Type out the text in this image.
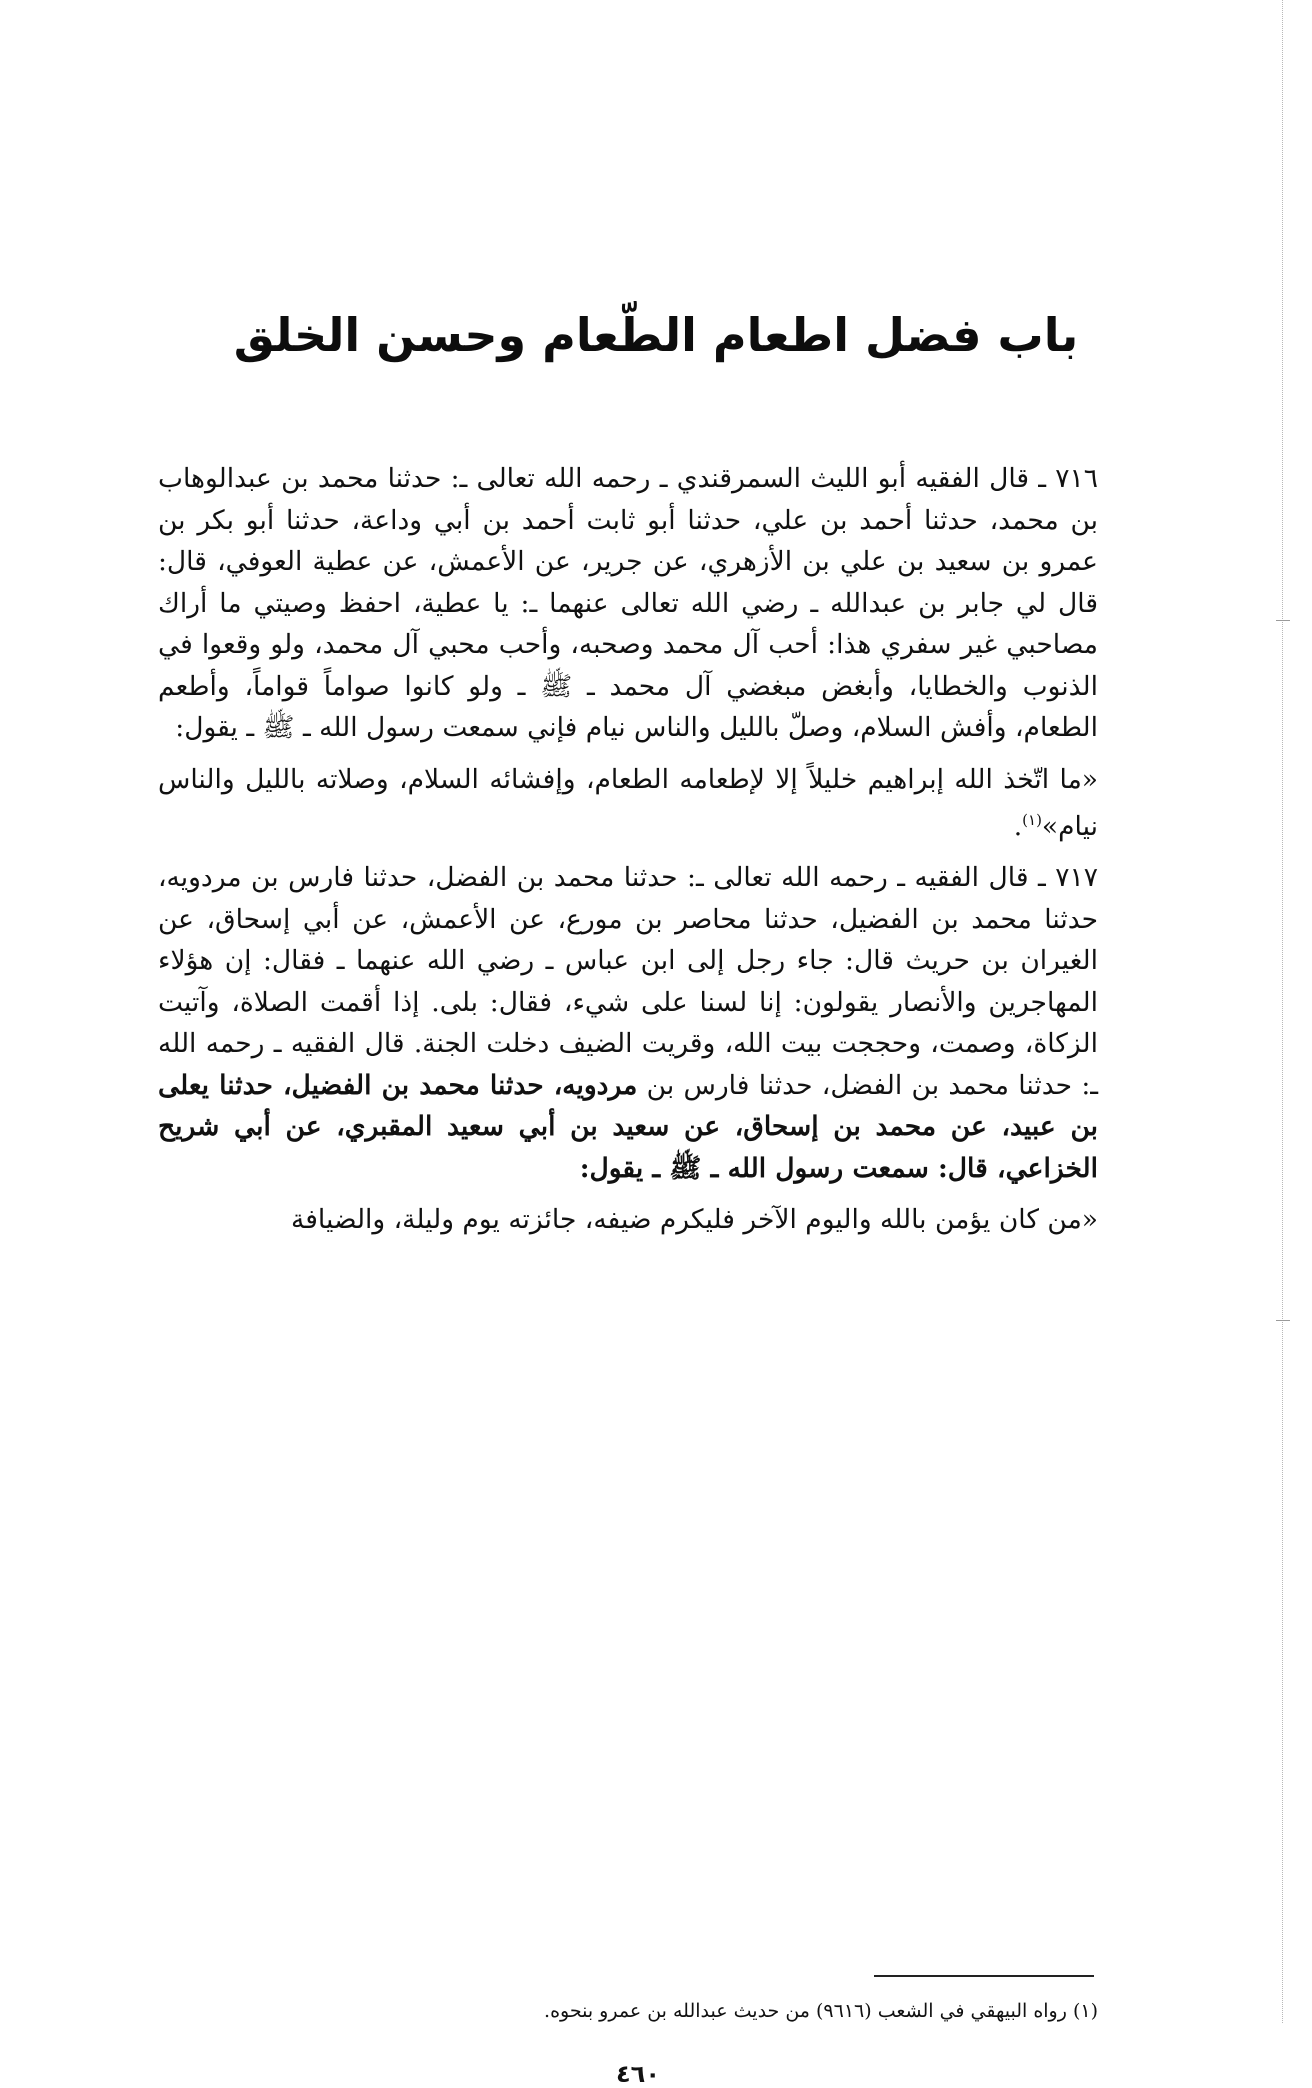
باب فضل اطعام الطّعام وحسن الخلق

٧١٦ ـ قال الفقيه أبو الليث السمرقندي ـ رحمه الله تعالى ـ: حدثنا محمد بن عبدالوهاب بن محمد، حدثنا أحمد بن علي، حدثنا أبو ثابت أحمد بن أبي وداعة، حدثنا أبو بكر بن عمرو بن سعيد بن علي بن الأزهري، عن جرير، عن الأعمش، عن عطية العوفي، قال: قال لي جابر بن عبدالله ـ رضي الله تعالى عنهما ـ: يا عطية، احفظ وصيتي ما أراك مصاحبي غير سفري هذا: أحب آل محمد وصحبه، وأحب محبي آل محمد، ولو وقعوا في الذنوب والخطايا، وأبغض مبغضي آل محمد ـ ﷺ ـ ولو كانوا صواماً قواماً، وأطعم الطعام، وأفش السلام، وصلّ بالليل والناس نيام فإني سمعت رسول الله ـ ﷺ ـ يقول:

«ما اتّخذ الله إبراهيم خليلاً إلا لإطعامه الطعام، وإفشائه السلام، وصلاته بالليل والناس نيام»$^{(١)}$.

٧١٧ ـ قال الفقيه ـ رحمه الله تعالى ـ: حدثنا محمد بن الفضل، حدثنا فارس بن مردويه، حدثنا محمد بن الفضيل، حدثنا محاصر بن مورع، عن الأعمش، عن أبي إسحاق، عن الغيران بن حريث قال: جاء رجل إلى ابن عباس ـ رضي الله عنهما ـ فقال: إن هؤلاء المهاجرين والأنصار يقولون: إنا لسنا على شيء، فقال: بلى. إذا أقمت الصلاة، وآتيت الزكاة، وصمت، وحججت بيت الله، وقريت الضيف دخلت الجنة. قال الفقيه ـ رحمه الله ـ: حدثنا محمد بن الفضل، حدثنا فارس بن مردويه، حدثنا محمد بن الفضيل، حدثنا يعلى بن عبيد، عن محمد بن إسحاق، عن سعيد بن أبي سعيد المقبري، عن أبي شريح الخزاعي، قال: سمعت رسول الله ـ ﷺ ـ يقول:

«من كان يؤمن بالله واليوم الآخر فليكرم ضيفه، جائزته يوم وليلة، والضيافة

(١) رواه البيهقي في الشعب (٩٦١٦) من حديث عبدالله بن عمرو بنحوه.
٤٦٠
